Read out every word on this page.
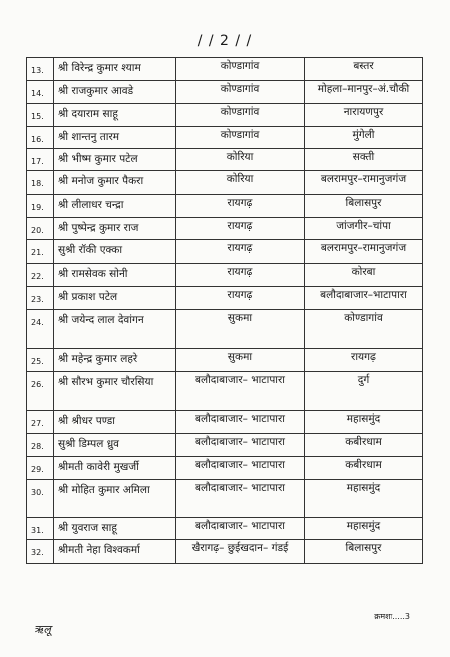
/ / 2 / /
13.	श्री विरेन्द्र कुमार श्याम	कोण्डागांव	बस्तर
14.	श्री राजकुमार आवडे	कोण्डागांव	मोहला–मानपुर–अं.चौकी
15.	श्री दयाराम साहू	कोण्डागांव	नारायणपुर
16.	श्री शान्तनु तारम	कोण्डागांव	मुंगेली
17.	श्री भीष्म कुमार पटेल	कोरिया	सक्ती
18.	श्री मनोज कुमार पैकरा	कोरिया	बलरामपुर–रामानुजगंज
19.	श्री लीलाधर चन्द्रा	रायगढ़	बिलासपुर
20.	श्री पुष्पेन्द्र कुमार राज	रायगढ़	जांजगीर–चांपा
21.	सुश्री रॉकी एक्का	रायगढ़	बलरामपुर–रामानुजगंज
22.	श्री रामसेवक सोनी	रायगढ़	कोरबा
23.	श्री प्रकाश पटेल	रायगढ़	बलौदाबाजार–भाटापारा
24.	श्री जयेन्द लाल देवांगन	सुकमा	कोण्डागांव
25.	श्री महेन्द्र कुमार लहरे	सुकमा	रायगढ़
26.	श्री सौरभ कुमार चौरसिया	बलौदाबाजार– भाटापारा	दुर्ग
27.	श्री श्रीधर पण्डा	बलौदाबाजार– भाटापारा	महासमुंद
28.	सुश्री डिम्पल ध्रुव	बलौदाबाजार– भाटापारा	कबीरधाम
29.	श्रीमती कावेरी मुखर्जी	बलौदाबाजार– भाटापारा	कबीरधाम
30.	श्री मोहित कुमार अमिला	बलौदाबाजार– भाटापारा	महासमुंद
31.	श्री युवराज साहू	बलौदाबाजार– भाटापारा	महासमुंद
32.	श्रीमती नेहा विश्वकर्मा	खैरागढ़– छुईखदान– गंडई	बिलासपुर
क्रमशः.....3
ऋलू
